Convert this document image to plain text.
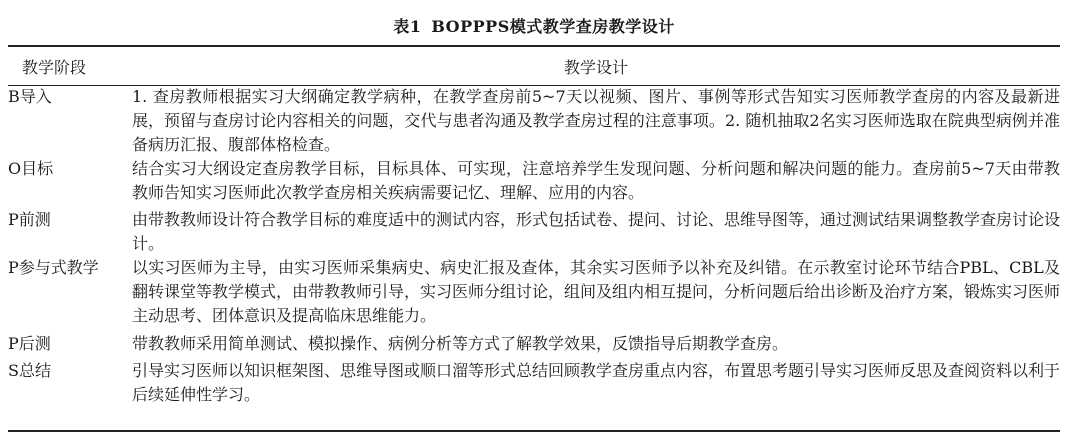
表1 BOPPPS模式教学查房教学设计
教学阶段	教学设计
B导入	1. 查房教师根据实习大纲确定教学病种，在教学查房前5~7天以视频、图片、事例等形式告知实习医师教学查房的内容及最新进展，预留与查房讨论内容相关的问题，交代与患者沟通及教学查房过程的注意事项。2. 随机抽取2名实习医师选取在院典型病例并准备病历汇报、腹部体格检查。
O目标	结合实习大纲设定查房教学目标，目标具体、可实现，注意培养学生发现问题、分析问题和解决问题的能力。查房前5~7天由带教教师告知实习医师此次教学查房相关疾病需要记忆、理解、应用的内容。
P前测	由带教教师设计符合教学目标的难度适中的测试内容，形式包括试卷、提问、讨论、思维导图等，通过测试结果调整教学查房讨论设计。
P参与式教学	以实习医师为主导，由实习医师采集病史、病史汇报及查体，其余实习医师予以补充及纠错。在示教室讨论环节结合PBL、CBL及翻转课堂等教学模式，由带教教师引导，实习医师分组讨论，组间及组内相互提问，分析问题后给出诊断及治疗方案，锻炼实习医师主动思考、团体意识及提高临床思维能力。
P后测	带教教师采用简单测试、模拟操作、病例分析等方式了解教学效果，反馈指导后期教学查房。
S总结	引导实习医师以知识框架图、思维导图或顺口溜等形式总结回顾教学查房重点内容，布置思考题引导实习医师反思及查阅资料以利于后续延伸性学习。
